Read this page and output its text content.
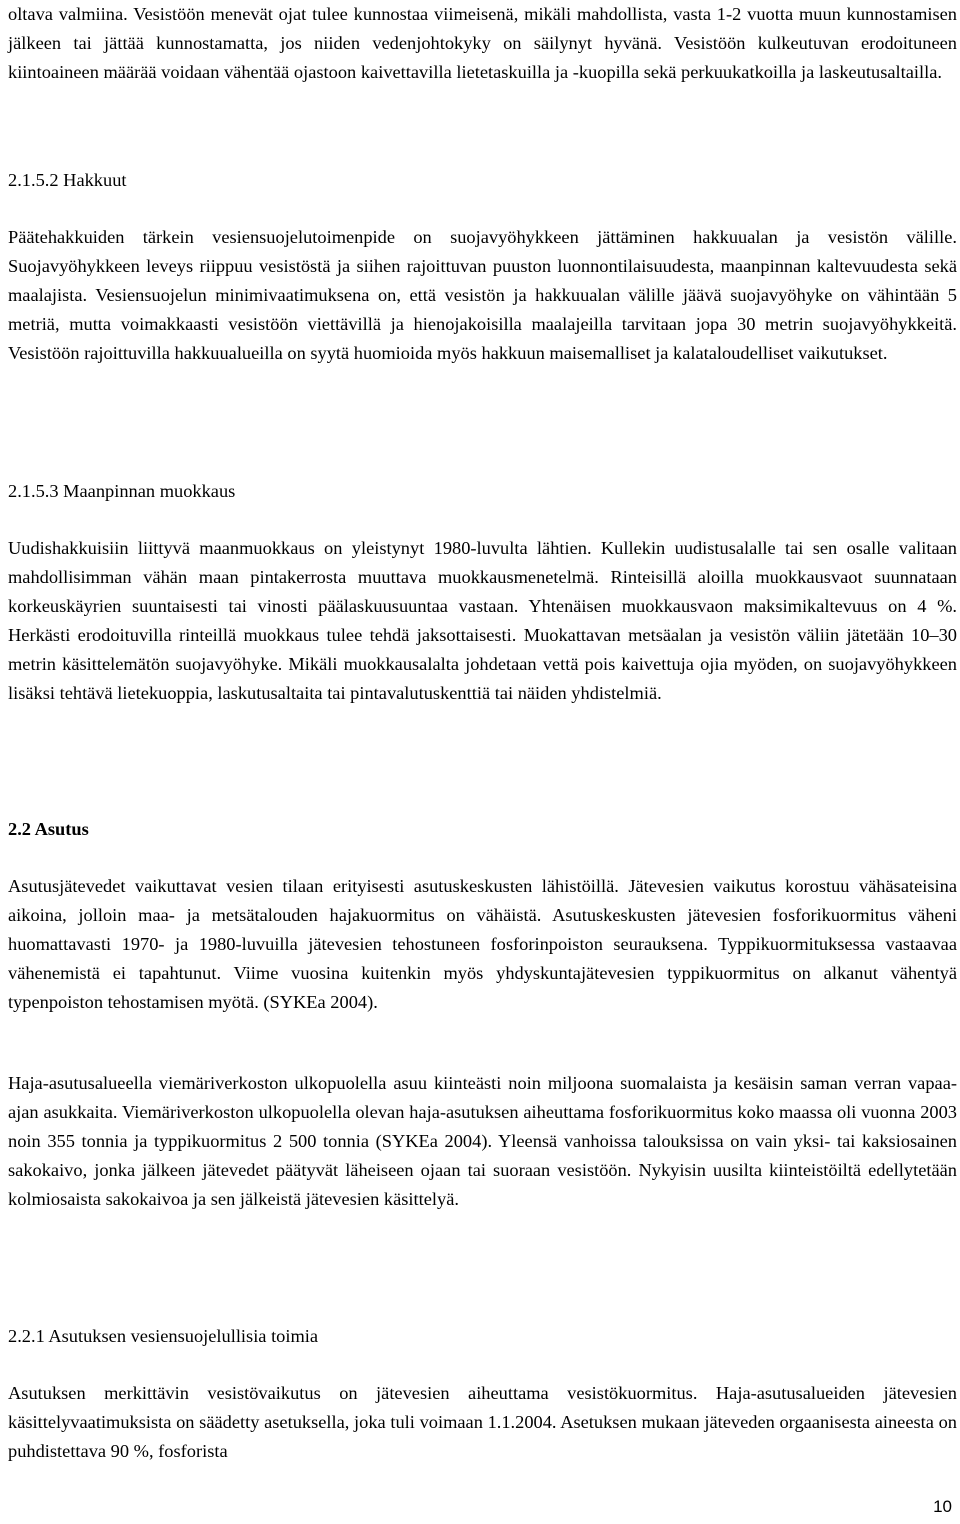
oltava valmiina. Vesistöön menevät ojat tulee kunnostaa viimeisenä, mikäli mahdollista, vasta 1-2 vuotta muun kunnostamisen jälkeen tai jättää kunnostamatta, jos niiden vedenjohtokyky on säilynyt hyvänä. Vesistöön kulkeutuvan erodoituneen kiintoaineen määrää voidaan vähentää ojastoon kaivettavilla lietetaskuilla ja -kuopilla sekä perkuukatkoilla ja laskeutusaltailla.

2.1.5.2 Hakkuut

Päätehakkuiden tärkein vesiensuojelutoimenpide on suojavyöhykkeen jättäminen hakkuualan ja vesistön välille. Suojavyöhykkeen leveys riippuu vesistöstä ja siihen rajoittuvan puuston luonnontilaisuudesta, maanpinnan kaltevuudesta sekä maalajista. Vesiensuojelun minimivaatimuksena on, että vesistön ja hakkuualan välille jäävä suojavyöhyke on vähintään 5 metriä, mutta voimakkaasti vesistöön viettävillä ja hienojakoisilla maalajeilla tarvitaan jopa 30 metrin suojavyöhykkeitä. Vesistöön rajoittuvilla hakkuualueilla on syytä huomioida myös hakkuun maisemalliset ja kalataloudelliset vaikutukset.

2.1.5.3 Maanpinnan muokkaus

Uudishakkuisiin liittyvä maanmuokkaus on yleistynyt 1980-luvulta lähtien. Kullekin uudistusalalle tai sen osalle valitaan mahdollisimman vähän maan pintakerrosta muuttava muokkausmenetelmä. Rinteisillä aloilla muokkausvaot suunnataan korkeuskäyrien suuntaisesti tai vinosti päälaskuusuuntaa vastaan. Yhtenäisen muokkausvaon maksimikaltevuus on 4 %. Herkästi erodoituvilla rinteillä muokkaus tulee tehdä jaksottaisesti. Muokattavan metsäalan ja vesistön väliin jätetään 10–30 metrin käsittelemätön suojavyöhyke. Mikäli muokkausalalta johdetaan vettä pois kaivettuja ojia myöden, on suojavyöhykkeen lisäksi tehtävä lietekuoppia, laskutusaltaita tai pintavalutuskenttiä tai näiden yhdistelmiä.

2.2 Asutus

Asutusjätevedet vaikuttavat vesien tilaan erityisesti asutuskeskusten lähistöillä. Jätevesien vaikutus korostuu vähäsateisina aikoina, jolloin maa- ja metsätalouden hajakuormitus on vähäistä. Asutuskeskusten jätevesien fosforikuormitus väheni huomattavasti 1970- ja 1980-luvuilla jätevesien tehostuneen fosforinpoiston seurauksena. Typpikuormituksessa vastaavaa vähenemistä ei tapahtunut. Viime vuosina kuitenkin myös yhdyskuntajätevesien typpikuormitus on alkanut vähentyä typenpoiston tehostamisen myötä. (SYKEa 2004).

Haja-asutusalueella viemäriverkoston ulkopuolella asuu kiinteästi noin miljoona suomalaista ja kesäisin saman verran vapaa-ajan asukkaita. Viemäriverkoston ulkopuolella olevan haja-asutuksen aiheuttama fosforikuormitus koko maassa oli vuonna 2003 noin 355 tonnia ja typpikuormitus 2 500 tonnia (SYKEa 2004). Yleensä vanhoissa talouksissa on vain yksi- tai kaksiosainen sakokaivo, jonka jälkeen jätevedet päätyvät läheiseen ojaan tai suoraan vesistöön. Nykyisin uusilta kiinteistöiltä edellytetään kolmiosaista sakokaivoa ja sen jälkeistä jätevesien käsittelyä.

2.2.1 Asutuksen vesiensuojelullisia toimia

Asutuksen merkittävin vesistövaikutus on jätevesien aiheuttama vesistökuormitus. Haja-asutusalueiden jätevesien käsittelyvaatimuksista on säädetty asetuksella, joka tuli voimaan 1.1.2004. Asetuksen mukaan jäteveden orgaanisesta aineesta on puhdistettava 90 %, fosforista

10
